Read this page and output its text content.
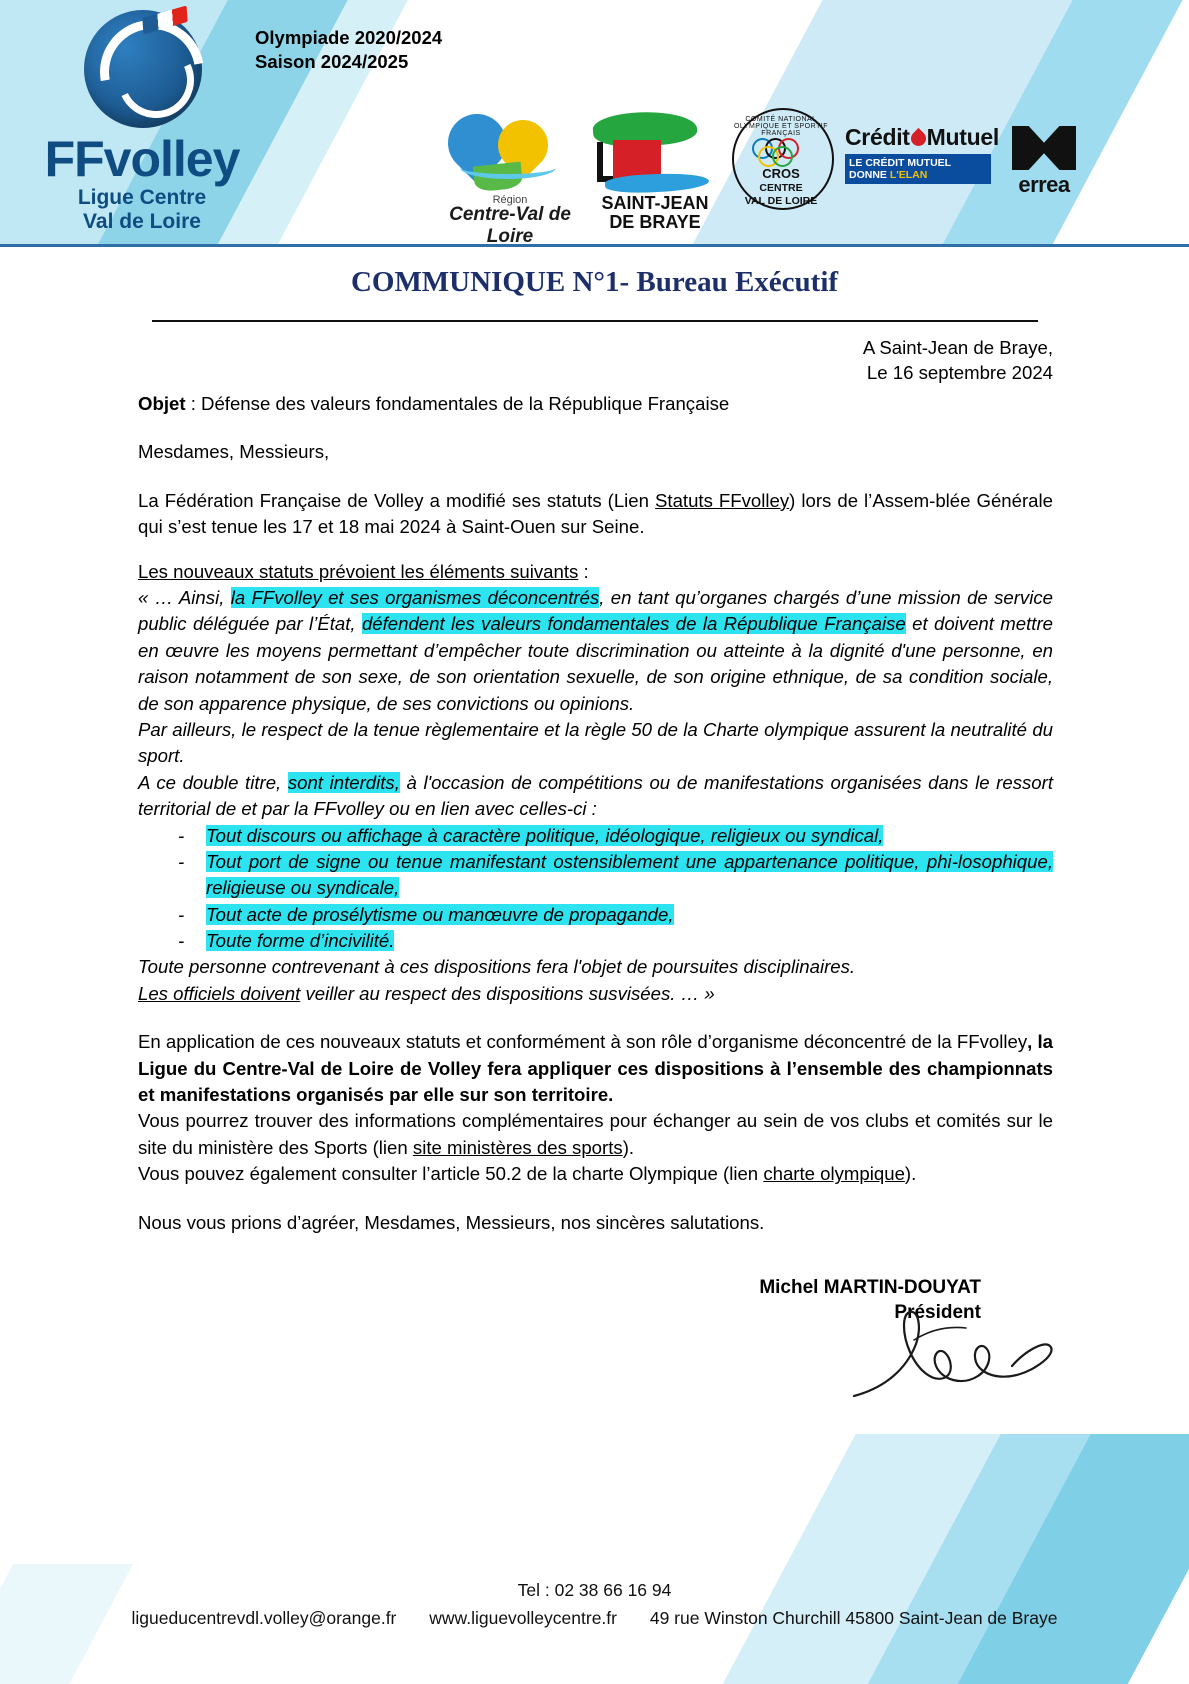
FFvolley
Ligue Centre
Val de Loire
Olympiade 2020/2024
Saison 2024/2025
Région
Centre-Val de Loire
SAINT-JEAN
DE BRAYE
COMITÉ NATIONAL OLYMPIQUE ET SPORTIF FRANÇAIS
CROS
CENTRE
VAL DE LOIRE
Crédit Mutuel
LE CRÉDIT MUTUEL
DONNE L'ELAN	errea
COMMUNIQUE N°1- Bureau Exécutif
A Saint-Jean de Braye,
Le 16 septembre 2024

Objet : Défense des valeurs fondamentales de la République Française

Mesdames, Messieurs,

La Fédération Française de Volley a modifié ses statuts (Lien Statuts FFvolley) lors de l’Assem-blée Générale qui s’est tenue les 17 et 18 mai 2024 à Saint-Ouen sur Seine.

Les nouveaux statuts prévoient les éléments suivants :

« … Ainsi, la FFvolley et ses organismes déconcentrés, en tant qu’organes chargés d’une mission de service public déléguée par l’État, défendent les valeurs fondamentales de la République Française et doivent mettre en œuvre les moyens permettant d’empêcher toute discrimination ou atteinte à la dignité d'une personne, en raison notamment de son sexe, de son orientation sexuelle, de son origine ethnique, de sa condition sociale, de son apparence physique, de ses convictions ou opinions.

Par ailleurs, le respect de la tenue règlementaire et la règle 50 de la Charte olympique assurent la neutralité du sport.

A ce double titre, sont interdits, à l'occasion de compétitions ou de manifestations organisées dans le ressort territorial de et par la FFvolley ou en lien avec celles-ci :

- Tout discours ou affichage à caractère politique, idéologique, religieux ou syndical,
- Tout port de signe ou tenue manifestant ostensiblement une appartenance politique, phi-losophique, religieuse ou syndicale,
- Tout acte de prosélytisme ou manœuvre de propagande,
- Toute forme d’incivilité.

Toute personne contrevenant à ces dispositions fera l'objet de poursuites disciplinaires.

Les officiels doivent veiller au respect des dispositions susvisées. … »

En application de ces nouveaux statuts et conformément à son rôle d’organisme déconcentré de la FFvolley, la Ligue du Centre-Val de Loire de Volley fera appliquer ces dispositions à l’ensemble des championnats et manifestations organisés par elle sur son territoire.

Vous pourrez trouver des informations complémentaires pour échanger au sein de vos clubs et comités sur le site du ministère des Sports (lien site ministères des sports).

Vous pouvez également consulter l’article 50.2 de la charte Olympique (lien charte olympique).

Nous vous prions d’agréer, Mesdames, Messieurs, nos sincères salutations.

Michel MARTIN-DOUYAT
Président
Tel : 02 38 66 16 94
ligueducentrevdl.volley@orange.fr www.liguevolleycentre.fr 49 rue Winston Churchill 45800 Saint-Jean de Braye
